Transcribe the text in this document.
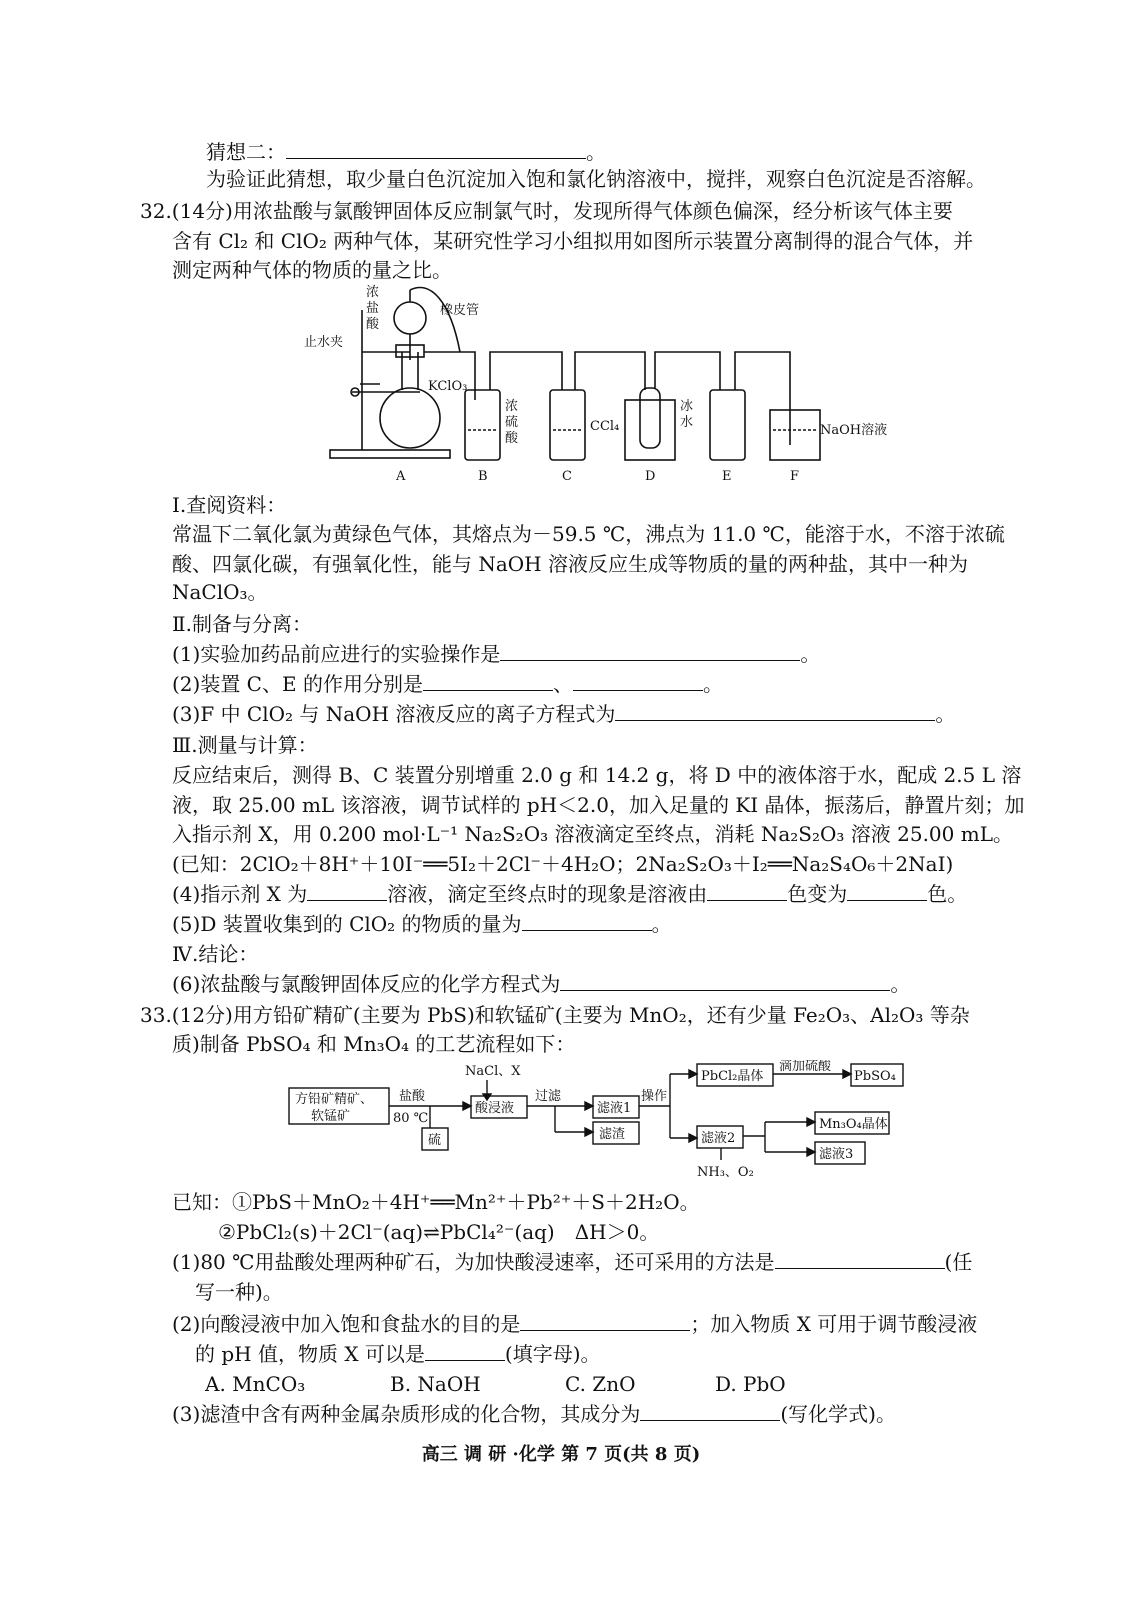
猜想二：	。
为验证此猜想，取少量白色沉淀加入饱和氯化钠溶液中，搅拌，观察白色沉淀是否溶解。
32.(14分)用浓盐酸与氯酸钾固体反应制氯气时，发现所得气体颜色偏深，经分析该气体主要
含有 Cl₂ 和 ClO₂ 两种气体，某研究性学习小组拟用如图所示装置分离制得的混合气体，并
测定两种气体的物质的量之比。
浓
盐
酸
橡皮管
止水夹
KClO₃
浓
硫
酸
CCl₄
冰
水
NaOH溶液
A	B	C	D	E	F
Ⅰ.查阅资料：
常温下二氧化氯为黄绿色气体，其熔点为－59.5 ℃，沸点为 11.0 ℃，能溶于水，不溶于浓硫
酸、四氯化碳，有强氧化性，能与 NaOH 溶液反应生成等物质的量的两种盐，其中一种为
NaClO₃。
Ⅱ.制备与分离：
(1)实验加药品前应进行的实验操作是	。
(2)装置 C、E 的作用分别是	、	。
(3)F 中 ClO₂ 与 NaOH 溶液反应的离子方程式为	。
Ⅲ.测量与计算：
反应结束后，测得 B、C 装置分别增重 2.0 g 和 14.2 g，将 D 中的液体溶于水，配成 2.5 L 溶
液，取 25.00 mL 该溶液，调节试样的 pH＜2.0，加入足量的 KI 晶体，振荡后，静置片刻；加
入指示剂 X，用 0.200 mol·L⁻¹ Na₂S₂O₃ 溶液滴定至终点，消耗 Na₂S₂O₃ 溶液 25.00 mL。
(已知：2ClO₂＋8H⁺＋10I⁻══5I₂＋2Cl⁻＋4H₂O；2Na₂S₂O₃＋I₂══Na₂S₄O₆＋2NaI)
(4)指示剂 X 为	溶液，滴定至终点时的现象是溶液由	色变为	色。
(5)D 装置收集到的 ClO₂ 的物质的量为	。
Ⅳ.结论：
(6)浓盐酸与氯酸钾固体反应的化学方程式为	。
33.(12分)用方铅矿精矿(主要为 PbS)和软锰矿(主要为 MnO₂，还有少量 Fe₂O₃、Al₂O₃ 等杂
质)制备 PbSO₄ 和 Mn₃O₄ 的工艺流程如下：
方铅矿精矿、
软锰矿
盐酸
80 ℃
硫
NaCl、X
酸浸液
过滤
滤液1
滤渣
操作
PbCl₂晶体
滴加硫酸
PbSO₄
滤液2
Mn₃O₄晶体
滤液3
NH₃、O₂
已知：①PbS＋MnO₂＋4H⁺══Mn²⁺＋Pb²⁺＋S＋2H₂O。
②PbCl₂(s)＋2Cl⁻(aq)⇌PbCl₄²⁻(aq)　ΔH＞0。
(1)80 ℃用盐酸处理两种矿石，为加快酸浸速率，还可采用的方法是	(任
写一种)。
(2)向酸浸液中加入饱和食盐水的目的是	；加入物质 X 可用于调节酸浸液
的 pH 值，物质 X 可以是	(填字母)。
A. MnCO₃	B. NaOH	C. ZnO	D. PbO
(3)滤渣中含有两种金属杂质形成的化合物，其成分为	(写化学式)。
高三 调 研 ·化学 第 7 页(共 8 页)
